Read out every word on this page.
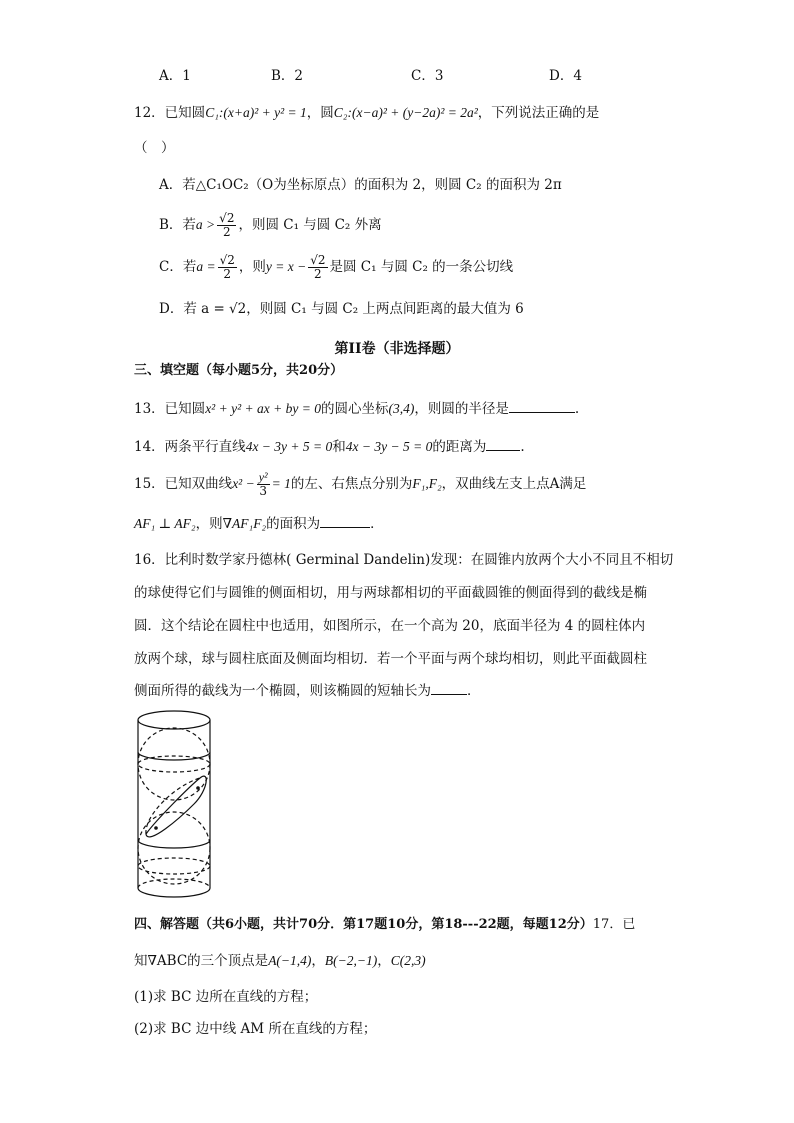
A．1	B．2	C．3	D．4
12．已知圆C₁:(x+a)² + y² = 1，圆C₂:(x−a)² + (y−2a)² = 2a²，下列说法正确的是
（　）
A．若△C₁OC₂（O为坐标原点）的面积为 2，则圆 C₂ 的面积为 2π
B．若$a > \frac{√2}{2}$ ，则圆 C₁ 与圆 C₂ 外离
C．若$a = \frac{√2}{2}$ ，则$y = x - \frac{√2}{2}$ 是圆 C₁ 与圆 C₂ 的一条公切线
D．若 a = √2，则圆 C₁ 与圆 C₂ 上两点间距离的最大值为 6
第II卷（非选择题）
三、填空题（每小题5分，共20分）
13．已知圆x² + y² + ax + by = 0的圆心坐标(3,4)，则圆的半径是	.
14．两条平行直线4x − 3y + 5 = 0和4x − 3y − 5 = 0的距离为	.
15．已知双曲线$x^2 - \frac{\text{y²}}{3} = 1$的左、右焦点分别为F₁,F₂，双曲线左支上点A满足
AF₁ ⊥ AF₂，则∇AF₁F₂的面积为	．
16．比利时数学家丹德林( Germinal Dandelin)发现：在圆锥内放两个大小不同且不相切
的球使得它们与圆锥的侧面相切，用与两球都相切的平面截圆锥的侧面得到的截线是椭
圆．这个结论在圆柱中也适用，如图所示，在一个高为 20，底面半径为 4 的圆柱体内
放两个球，球与圆柱底面及侧面均相切．若一个平面与两个球均相切，则此平面截圆柱
侧面所得的截线为一个椭圆，则该椭圆的短轴长为	．
四、解答题（共6小题，共计70分．第17题10分，第18---22题，每题12分）17．已
知∇ABC的三个顶点是A(−1,4)，B(−2,−1)，C(2,3)
(1)求 BC 边所在直线的方程；
(2)求 BC 边中线 AM 所在直线的方程；
